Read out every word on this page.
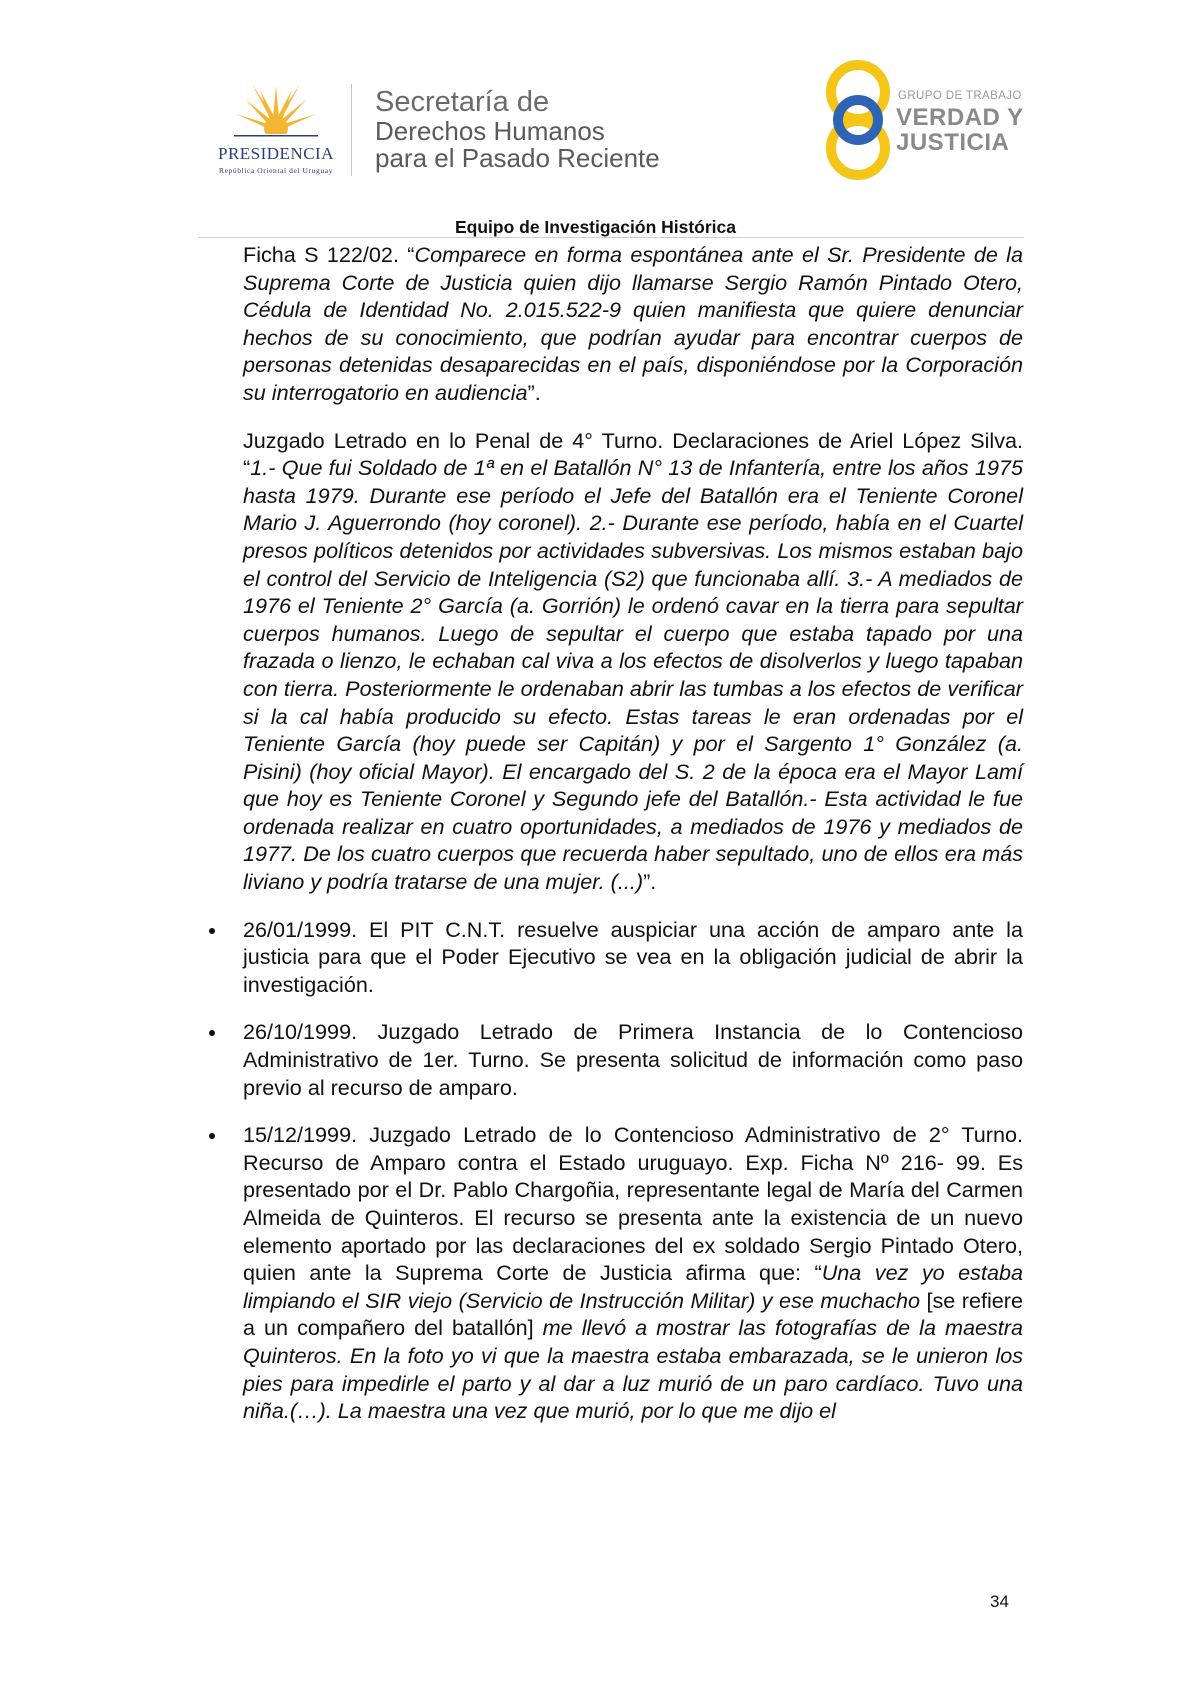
PRESIDENCIA
República Oriental del Uruguay
Secretaría de
Derechos Humanos
para el Pasado Reciente
GRUPO DE TRABAJO
VERDAD Y
JUSTICIA
Equipo de Investigación Histórica

Ficha S 122/02. “Comparece en forma espontánea ante el Sr. Presidente de la Suprema Corte de Justicia quien dijo llamarse Sergio Ramón Pintado Otero, Cédula de Identidad No. 2.015.522-9 quien manifiesta que quiere denunciar hechos de su conocimiento, que podrían ayudar para encontrar cuerpos de personas detenidas desaparecidas en el país, disponiéndose por la Corporación su interrogatorio en audiencia”.

Juzgado Letrado en lo Penal de 4° Turno. Declaraciones de Ariel López Silva. “1.- Que fui Soldado de 1ª en el Batallón N° 13 de Infantería, entre los años 1975 hasta 1979. Durante ese período el Jefe del Batallón era el Teniente Coronel Mario J. Aguerrondo (hoy coronel). 2.- Durante ese período, había en el Cuartel presos políticos detenidos por actividades subversivas. Los mismos estaban bajo el control del Servicio de Inteligencia (S2) que funcionaba allí. 3.- A mediados de 1976 el Teniente 2° García (a. Gorrión) le ordenó cavar en la tierra para sepultar cuerpos humanos. Luego de sepultar el cuerpo que estaba tapado por una frazada o lienzo, le echaban cal viva a los efectos de disolverlos y luego tapaban con tierra. Posteriormente le ordenaban abrir las tumbas a los efectos de verificar si la cal había producido su efecto. Estas tareas le eran ordenadas por el Teniente García (hoy puede ser Capitán) y por el Sargento 1° González (a. Pisini) (hoy oficial Mayor). El encargado del S. 2 de la época era el Mayor Lamí que hoy es Teniente Coronel y Segundo jefe del Batallón.- Esta actividad le fue ordenada realizar en cuatro oportunidades, a mediados de 1976 y mediados de 1977. De los cuatro cuerpos que recuerda haber sepultado, uno de ellos era más liviano y podría tratarse de una mujer. (...)”.

26/01/1999. El PIT C.N.T. resuelve auspiciar una acción de amparo ante la justicia para que el Poder Ejecutivo se vea en la obligación judicial de abrir la investigación.
26/10/1999. Juzgado Letrado de Primera Instancia de lo Contencioso Administrativo de 1er. Turno. Se presenta solicitud de información como paso previo al recurso de amparo.
15/12/1999. Juzgado Letrado de lo Contencioso Administrativo de 2° Turno. Recurso de Amparo contra el Estado uruguayo. Exp. Ficha Nº 216- 99. Es presentado por el Dr. Pablo Chargoñia, representante legal de María del Carmen Almeida de Quinteros. El recurso se presenta ante la existencia de un nuevo elemento aportado por las declaraciones del ex soldado Sergio Pintado Otero, quien ante la Suprema Corte de Justicia afirma que: “Una vez yo estaba limpiando el SIR viejo (Servicio de Instrucción Militar) y ese muchacho [se refiere a un compañero del batallón] me llevó a mostrar las fotografías de la maestra Quinteros. En la foto yo vi que la maestra estaba embarazada, se le unieron los pies para impedirle el parto y al dar a luz murió de un paro cardíaco. Tuvo una niña.(…). La maestra una vez que murió, por lo que me dijo el
34
